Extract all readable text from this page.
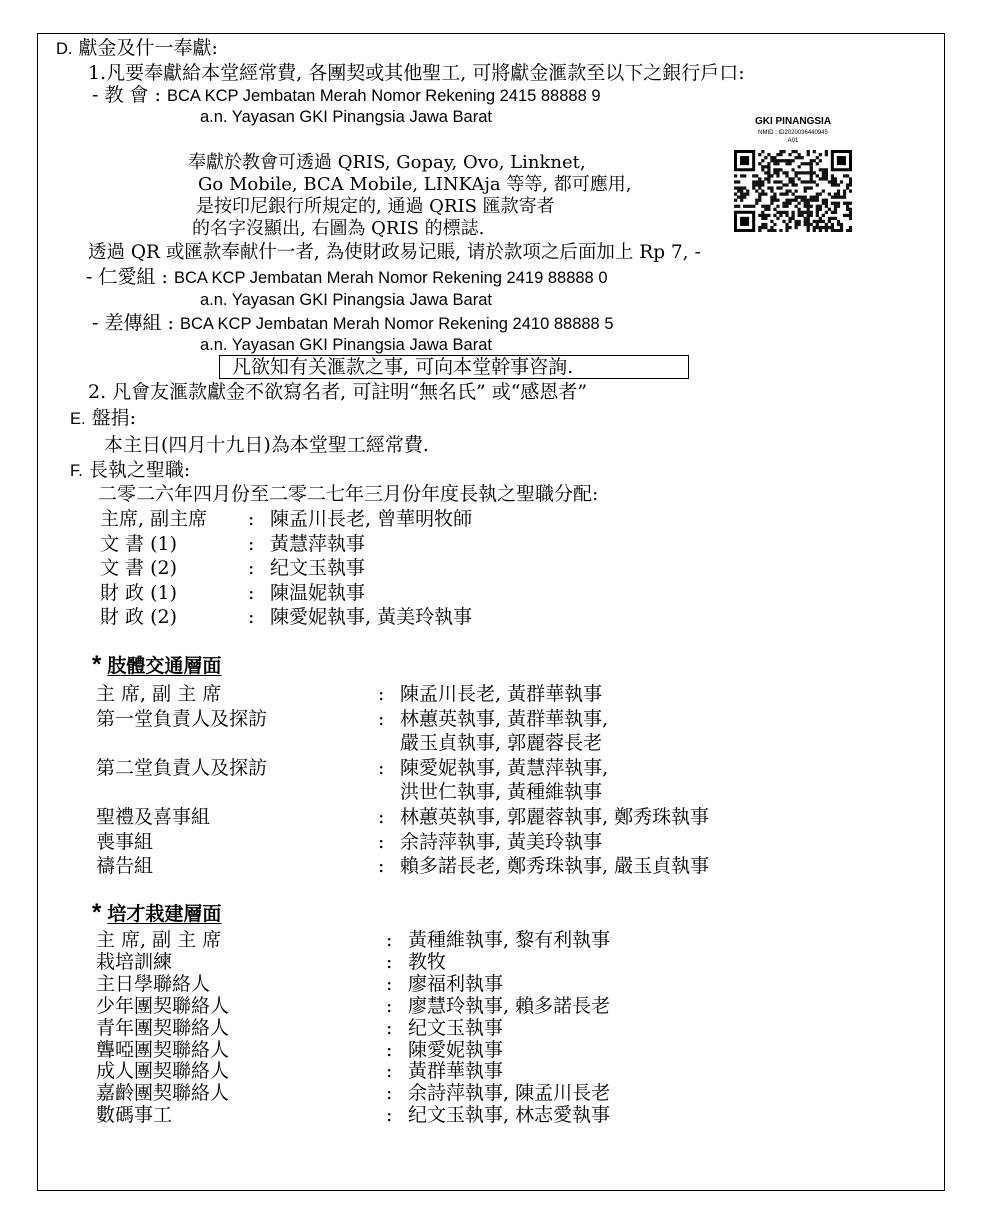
D. 獻金及什一奉獻:
1.凡要奉獻給本堂經常費, 各團契或其他聖工, 可將獻金滙款至以下之銀行戶口:
- 教 會 : BCA KCP Jembatan Merah Nomor Rekening 2415 88888 9
a.n. Yayasan GKI Pinangsia Jawa Barat
奉獻於教會可透過 QRIS, Gopay, Ovo, Linknet,
Go Mobile, BCA Mobile, LINKAja 等等, 都可應用,
是按印尼銀行所規定的, 通過 QRIS 匯款寄者
的名字沒顯出, 右圖為 QRIS 的標誌.
GKI PINANGSIA
NMID : ID2020036440945
A01
透過 QR 或匯款奉献什一者, 為使財政易记賬, 请於款项之后面加上 Rp 7, -
- 仁愛組 : BCA KCP Jembatan Merah Nomor Rekening 2419 88888 0
a.n. Yayasan GKI Pinangsia Jawa Barat
- 差傳組 : BCA KCP Jembatan Merah Nomor Rekening 2410 88888 5
a.n. Yayasan GKI Pinangsia Jawa Barat
凡欲知有关滙款之事, 可向本堂幹事咨詢.
2. 凡會友滙款獻金不欲寫名者, 可註明“無名氏” 或“感恩者”
E. 盤捐:
本主日(四月十九日)為本堂聖工經常費.
F. 長執之聖職:
二零二六年四月份至二零二七年三月份年度長執之聖職分配:
主席, 副主席 : 陳孟川長老, 曾華明牧師
文 書 (1)	: 黃慧萍執事
文 書 (2)	: 纪文玉執事
財 政 (1)	: 陳温妮執事
財 政 (2)	: 陳愛妮執事, 黃美玲執事
* 肢體交通層面
主 席, 副 主 席	: 陳孟川長老, 黃群華執事
第一堂負責人及探訪	: 林蕙英執事, 黃群華執事,
嚴玉貞執事, 郭麗蓉長老
第二堂負責人及探訪	: 陳愛妮執事, 黃慧萍執事,
洪世仁執事, 黃種維執事
聖禮及喜事組	: 林蕙英執事, 郭麗蓉執事, 鄭秀珠執事
喪事組	: 余詩萍執事, 黃美玲執事
禱告組	: 賴多諾長老, 鄭秀珠執事, 嚴玉貞執事
* 培才栽建層面
主 席, 副 主 席	: 黃種維執事, 黎有利執事
栽培訓練	: 教牧
主日學聯絡人	: 廖福利執事
少年團契聯絡人	: 廖慧玲執事, 賴多諾長老
青年團契聯絡人	: 纪文玉執事
聾啞團契聯絡人	: 陳愛妮執事
成人團契聯絡人	: 黃群華執事
嘉齡團契聯絡人	: 余詩萍執事, 陳孟川長老
數碼事工	: 纪文玉執事, 林志愛執事
